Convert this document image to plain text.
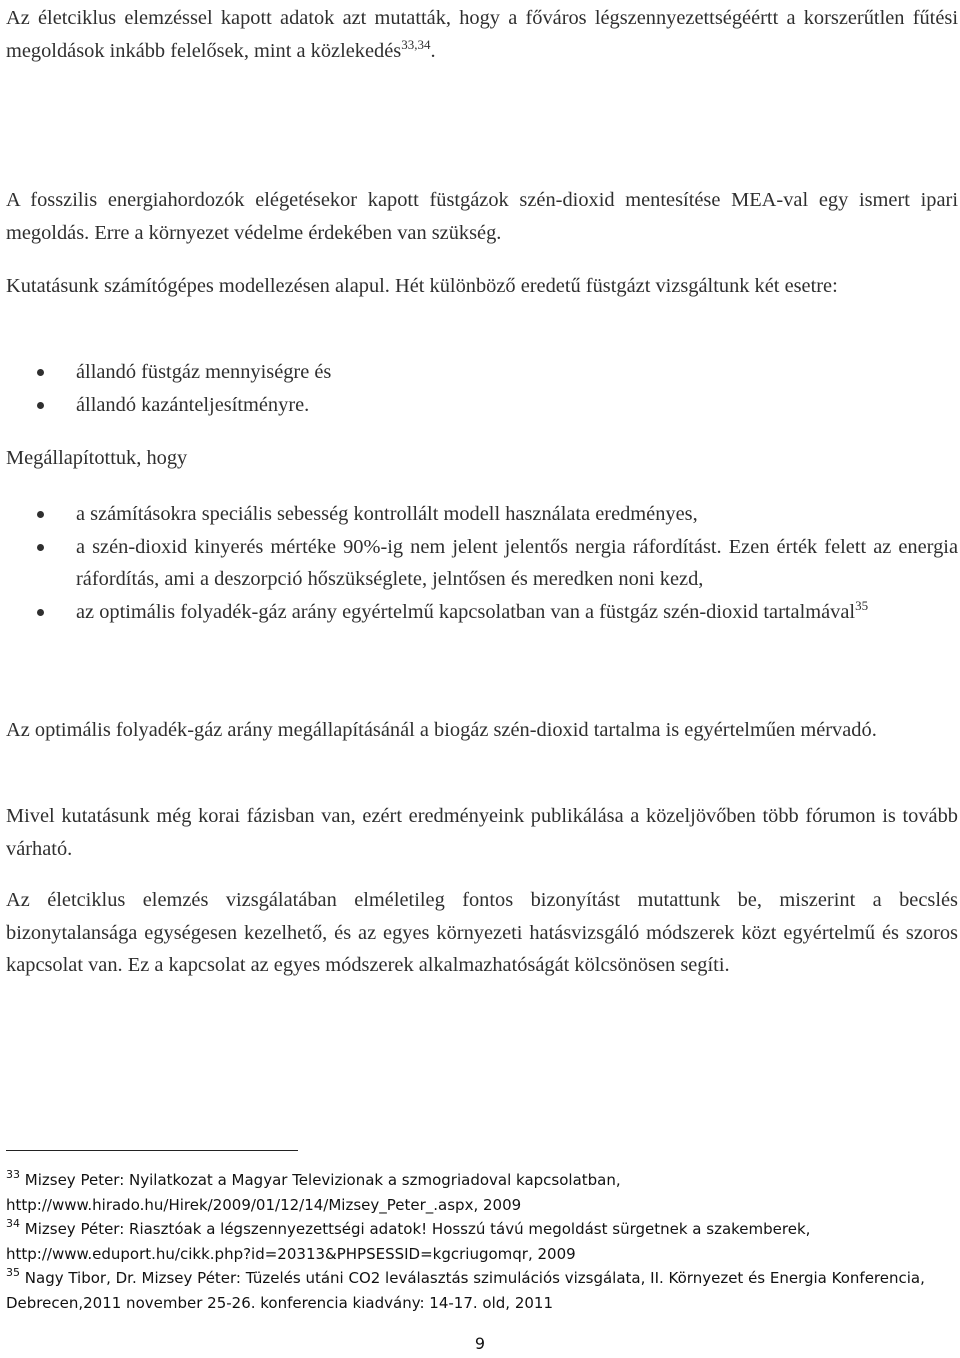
Az életciklus elemzéssel kapott adatok azt mutatták, hogy a főváros légszennyezettségéértt a korszerűtlen fűtési megoldások inkább felelősek, mint a közlekedés$^{33,34}$.

A fosszilis energiahordozók elégetésekor kapott füstgázok szén-dioxid mentesítése MEA-val egy ismert ipari megoldás. Erre a környezet védelme érdekében van szükség.

Kutatásunk számítógépes modellezésen alapul. Hét különböző eredetű füstgázt vizsgáltunk két esetre:

állandó füstgáz mennyiségre és
állandó kazánteljesítményre.

Megállapítottuk, hogy

a számításokra speciális sebesség kontrollált modell használata eredményes,
a szén-dioxid kinyerés mértéke 90%-ig nem jelent jelentős nergia ráfordítást. Ezen érték felett az energia ráfordítás, ami a deszorpció hőszükséglete, jelntősen és meredken noni kezd,
az optimális folyadék-gáz arány egyértelmű kapcsolatban van a füstgáz szén-dioxid tartalmával$^{35}$

Az optimális folyadék-gáz arány megállapításánál a biogáz szén-dioxid tartalma is egyértelműen mérvadó.

Mivel kutatásunk még korai fázisban van, ezért eredményeink publikálása a közeljövőben több fórumon is tovább várható.

Az életciklus elemzés vizsgálatában elméletileg fontos bizonyítást mutattunk be, miszerint a becslés bizonytalansága egységesen kezelhető, és az egyes környezeti hatásvizsgáló módszerek közt egyértelmű és szoros kapcsolat van. Ez a kapcsolat az egyes módszerek alkalmazhatóságát kölcsönösen segíti.

$^{33}$ Mizsey Peter: Nyilatkozat a Magyar Televizionak a szmogriadoval kapcsolatban, http://www.hirado.hu/Hirek/2009/01/12/14/Mizsey_Peter_.aspx, 2009

$^{34}$ Mizsey Péter: Riasztóak a légszennyezettségi adatok! Hosszú távú megoldást sürgetnek a szakemberek, http://www.eduport.hu/cikk.php?id=20313&PHPSESSID=kgcriugomqr, 2009

$^{35}$ Nagy Tibor, Dr. Mizsey Péter: Tüzelés utáni CO2 leválasztás szimulációs vizsgálata, II. Környezet és Energia Konferencia, Debrecen,2011 november 25-26. konferencia kiadvány: 14-17. old, 2011

9
